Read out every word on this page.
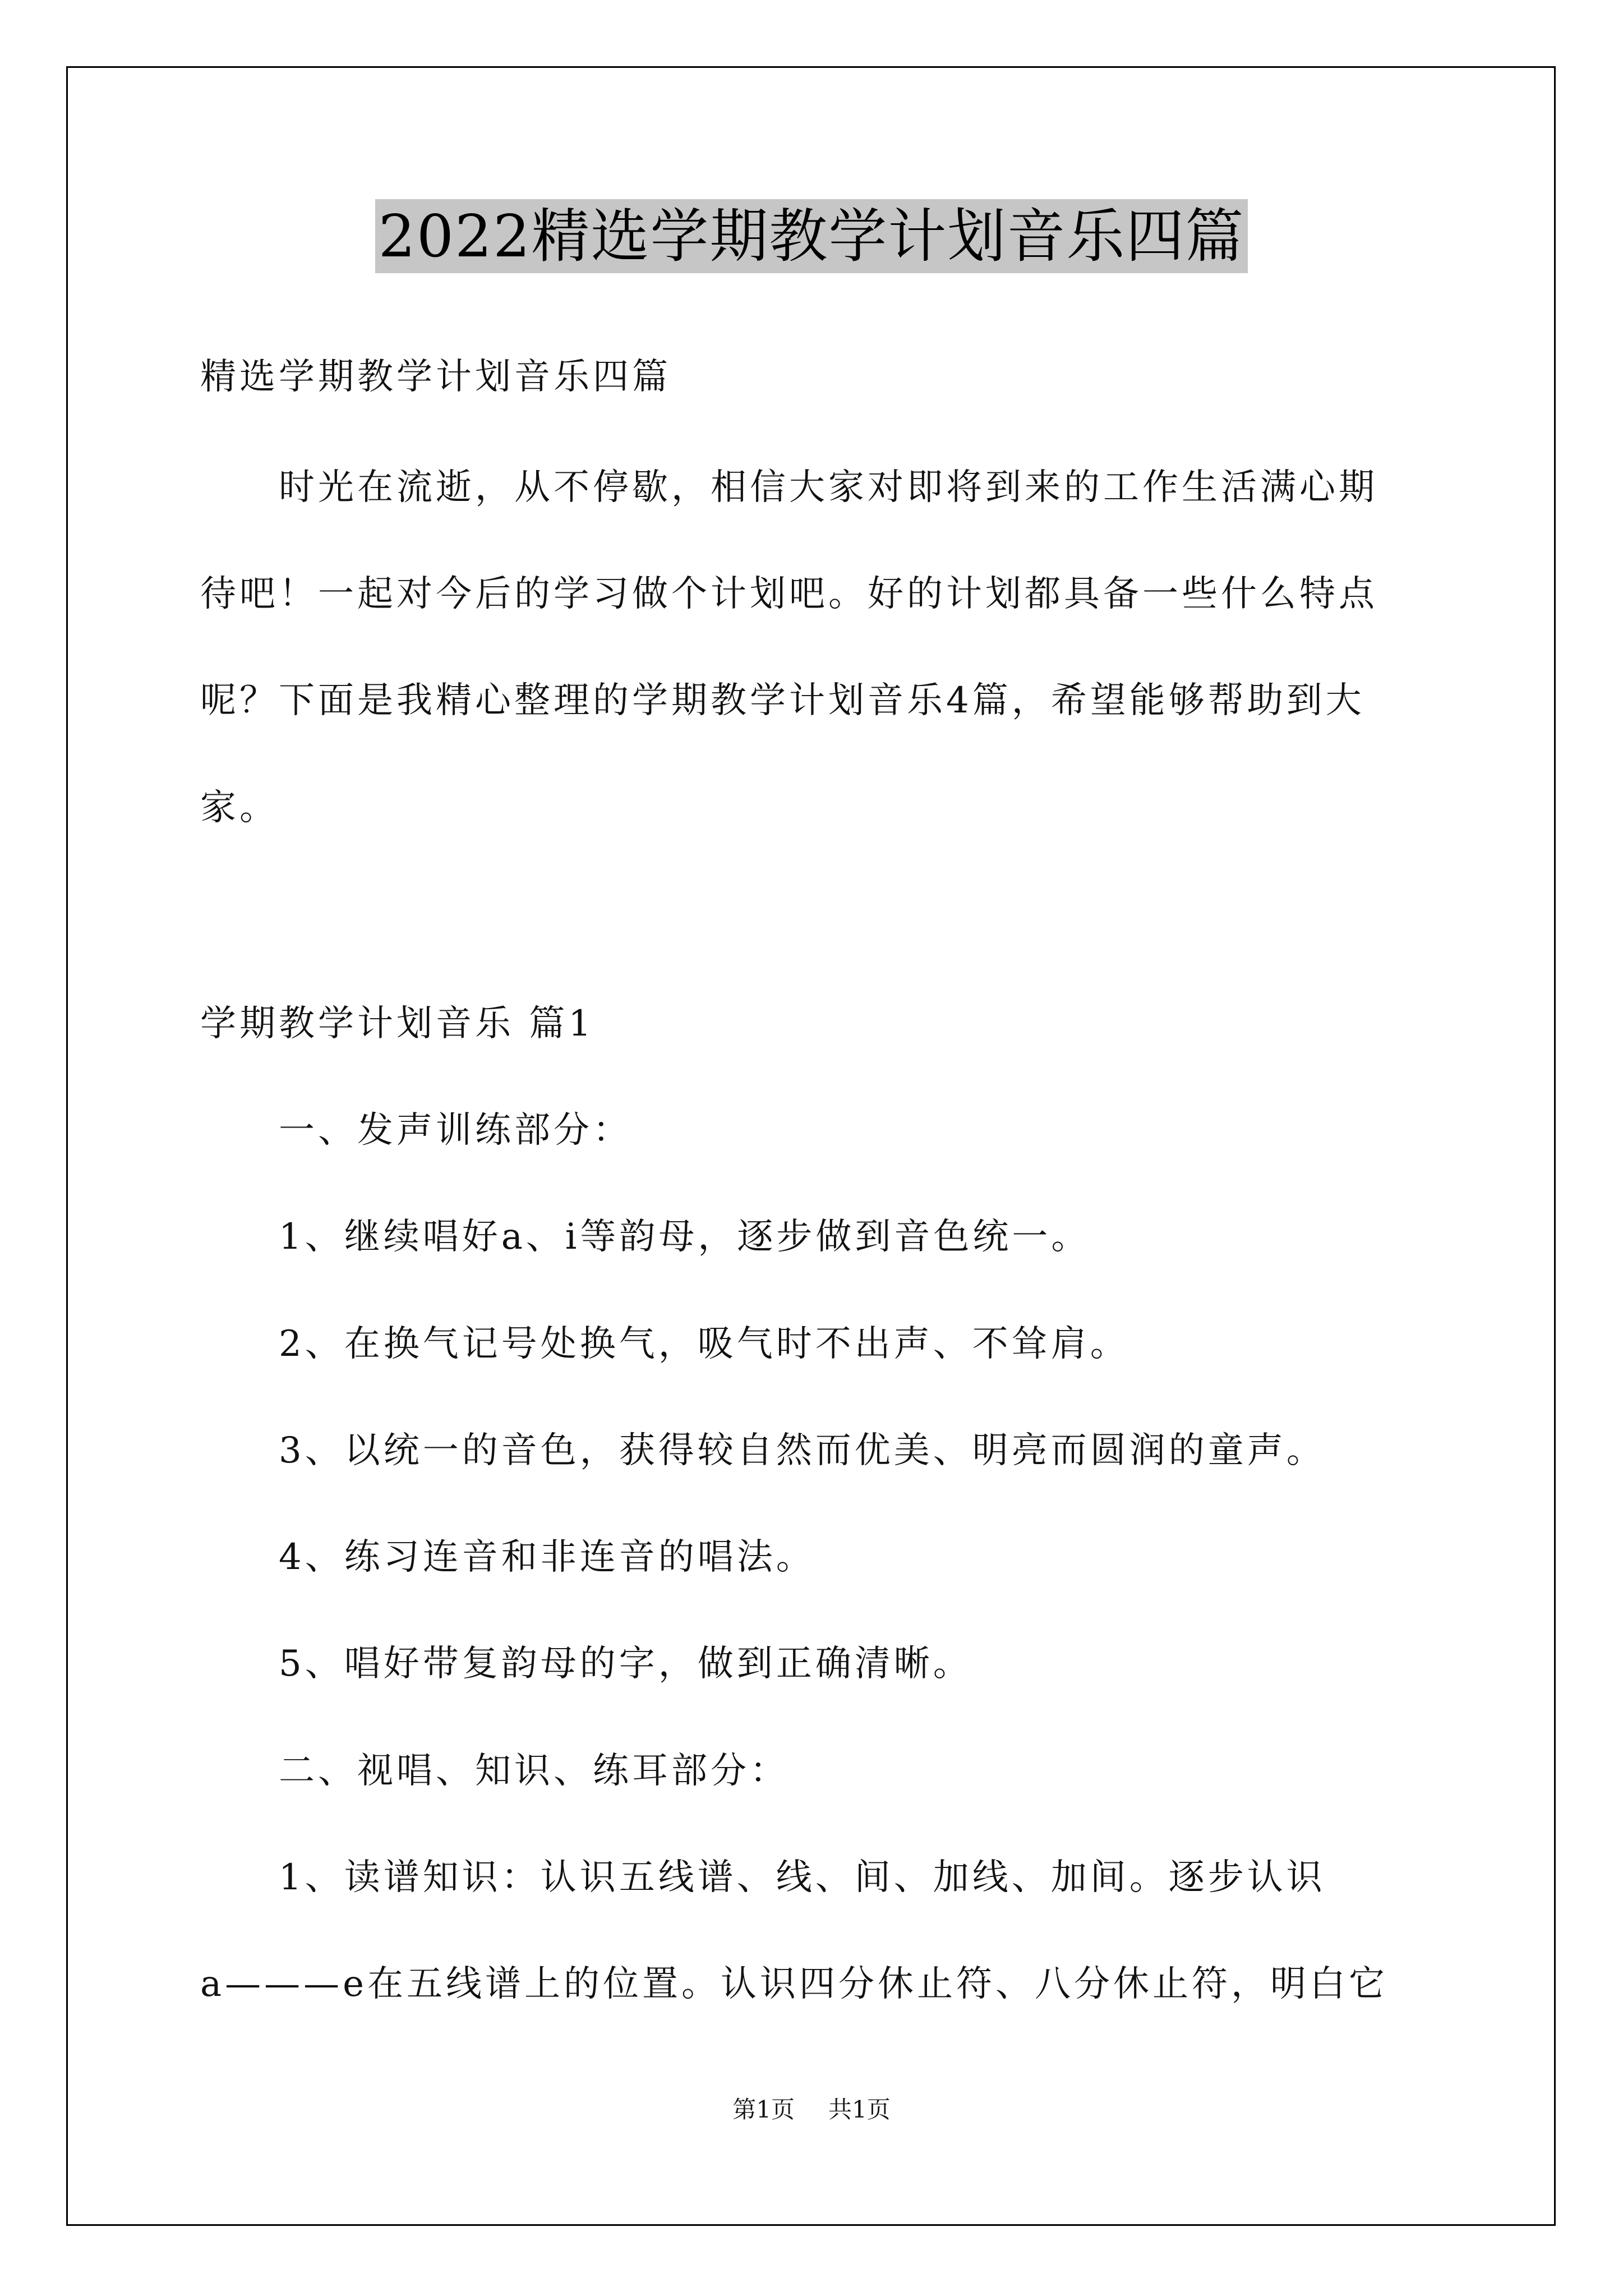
2022精选学期教学计划音乐四篇
精选学期教学计划音乐四篇
时光在流逝，从不停歇，相信大家对即将到来的工作生活满心期
待吧！一起对今后的学习做个计划吧。好的计划都具备一些什么特点
呢？下面是我精心整理的学期教学计划音乐4篇，希望能够帮助到大
家。
学期教学计划音乐 篇1
一、发声训练部分：
1、继续唱好a、i等韵母，逐步做到音色统一。
2、在换气记号处换气，吸气时不出声、不耸肩。
3、以统一的音色，获得较自然而优美、明亮而圆润的童声。
4、练习连音和非连音的唱法。
5、唱好带复韵母的字，做到正确清晰。
二、视唱、知识、练耳部分：
1、读谱知识：认识五线谱、线、间、加线、加间。逐步认识
a———e在五线谱上的位置。认识四分休止符、八分休止符，明白它
第1页 共1页
